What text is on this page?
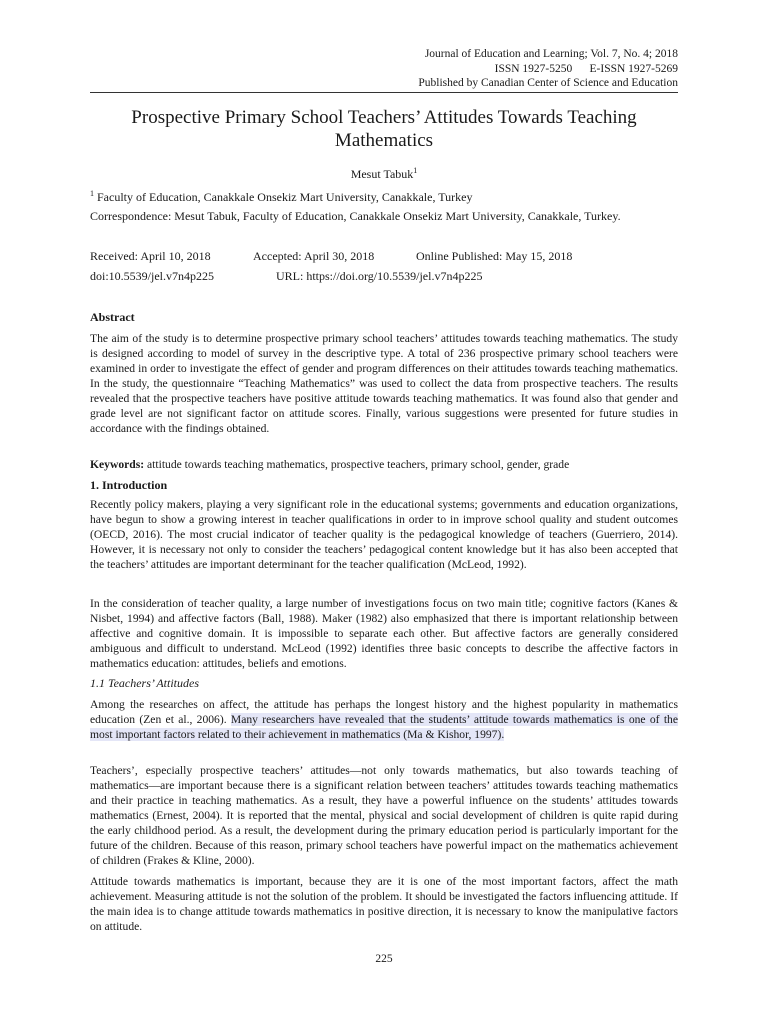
Journal of Education and Learning; Vol. 7, No. 4; 2018
ISSN 1927-5250      E-ISSN 1927-5269
Published by Canadian Center of Science and Education
Prospective Primary School Teachers’ Attitudes Towards Teaching Mathematics
Mesut Tabuk$^1$
$^1$ Faculty of Education, Canakkale Onsekiz Mart University, Canakkale, Turkey
Correspondence: Mesut Tabuk, Faculty of Education, Canakkale Onsekiz Mart University, Canakkale, Turkey.
Received: April 10, 2018	Accepted: April 30, 2018	Online Published: May 15, 2018
doi:10.5539/jel.v7n4p225	URL: https://doi.org/10.5539/jel.v7n4p225
Abstract
The aim of the study is to determine prospective primary school teachers’ attitudes towards teaching mathematics. The study is designed according to model of survey in the descriptive type. A total of 236 prospective primary school teachers were examined in order to investigate the effect of gender and program differences on their attitudes towards teaching mathematics. In the study, the questionnaire “Teaching Mathematics” was used to collect the data from prospective teachers. The results revealed that the prospective teachers have positive attitude towards teaching mathematics. It was found also that gender and grade level are not significant factor on attitude scores. Finally, various suggestions were presented for future studies in accordance with the findings obtained.
Keywords: attitude towards teaching mathematics, prospective teachers, primary school, gender, grade
1. Introduction
Recently policy makers, playing a very significant role in the educational systems; governments and education organizations, have begun to show a growing interest in teacher qualifications in order to in improve school quality and student outcomes (OECD, 2016). The most crucial indicator of teacher quality is the pedagogical knowledge of teachers (Guerriero, 2014). However, it is necessary not only to consider the teachers’ pedagogical content knowledge but it has also been accepted that the teachers’ attitudes are important determinant for the teacher qualification (McLeod, 1992).
In the consideration of teacher quality, a large number of investigations focus on two main title; cognitive factors (Kanes & Nisbet, 1994) and affective factors (Ball, 1988). Maker (1982) also emphasized that there is important relationship between affective and cognitive domain. It is impossible to separate each other. But affective factors are generally considered ambiguous and difficult to understand. McLeod (1992) identifies three basic concepts to describe the affective factors in mathematics education: attitudes, beliefs and emotions.
1.1 Teachers’ Attitudes
Among the researches on affect, the attitude has perhaps the longest history and the highest popularity in mathematics education (Zen et al., 2006). Many researchers have revealed that the students’ attitude towards mathematics is one of the most important factors related to their achievement in mathematics (Ma & Kishor, 1997).
Teachers’, especially prospective teachers’ attitudes—not only towards mathematics, but also towards teaching of mathematics—are important because there is a significant relation between teachers’ attitudes towards teaching mathematics and their practice in teaching mathematics. As a result, they have a powerful influence on the students’ attitudes towards mathematics (Ernest, 2004). It is reported that the mental, physical and social development of children is quite rapid during the early childhood period. As a result, the development during the primary education period is particularly important for the future of the children. Because of this reason, primary school teachers have powerful impact on the mathematics achievement of children (Frakes & Kline, 2000).
Attitude towards mathematics is important, because they are it is one of the most important factors, affect the math achievement. Measuring attitude is not the solution of the problem. It should be investigated the factors influencing attitude. If the main idea is to change attitude towards mathematics in positive direction, it is necessary to know the manipulative factors on attitude.
225
